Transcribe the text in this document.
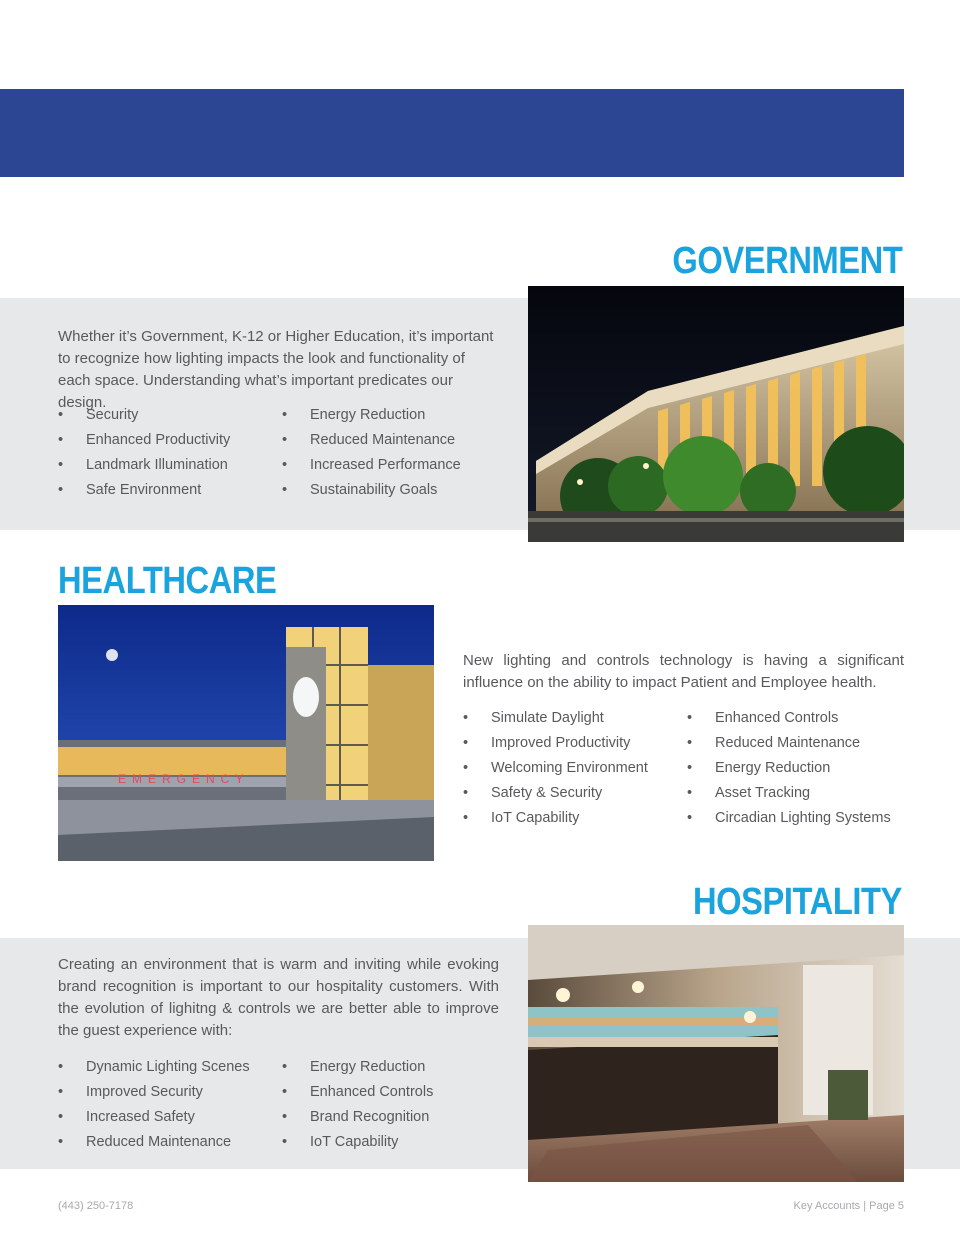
GOVERNMENT
Whether it’s Government, K-12 or Higher Education, it’s important to recognize how lighting impacts the look and functionality of each space. Understanding what’s important predicates our design.
• Security
• Enhanced Productivity
• Landmark Illumination
• Safe Environment
• Energy Reduction
• Reduced Maintenance
• Increased Performance
• Sustainability Goals
HEALTHCARE
EMERGENCY
New lighting and controls technology is having a significant influence on the ability to impact Patient and Employee health.
• Simulate Daylight
• Improved Productivity
• Welcoming Environment
• Safety & Security
• IoT Capability
• Enhanced Controls
• Reduced Maintenance
• Energy Reduction
• Asset Tracking
• Circadian Lighting Systems
HOSPITALITY
Creating an environment that is warm and inviting while evoking brand recognition is important to our hospitality customers. With the evolution of lighitng & controls we are better able to improve the guest experience with:
• Dynamic Lighting Scenes
• Improved Security
• Increased Safety
• Reduced Maintenance
• Energy Reduction
• Enhanced Controls
• Brand Recognition
• IoT Capability
(443) 250-7178	Key Accounts | Page 5
